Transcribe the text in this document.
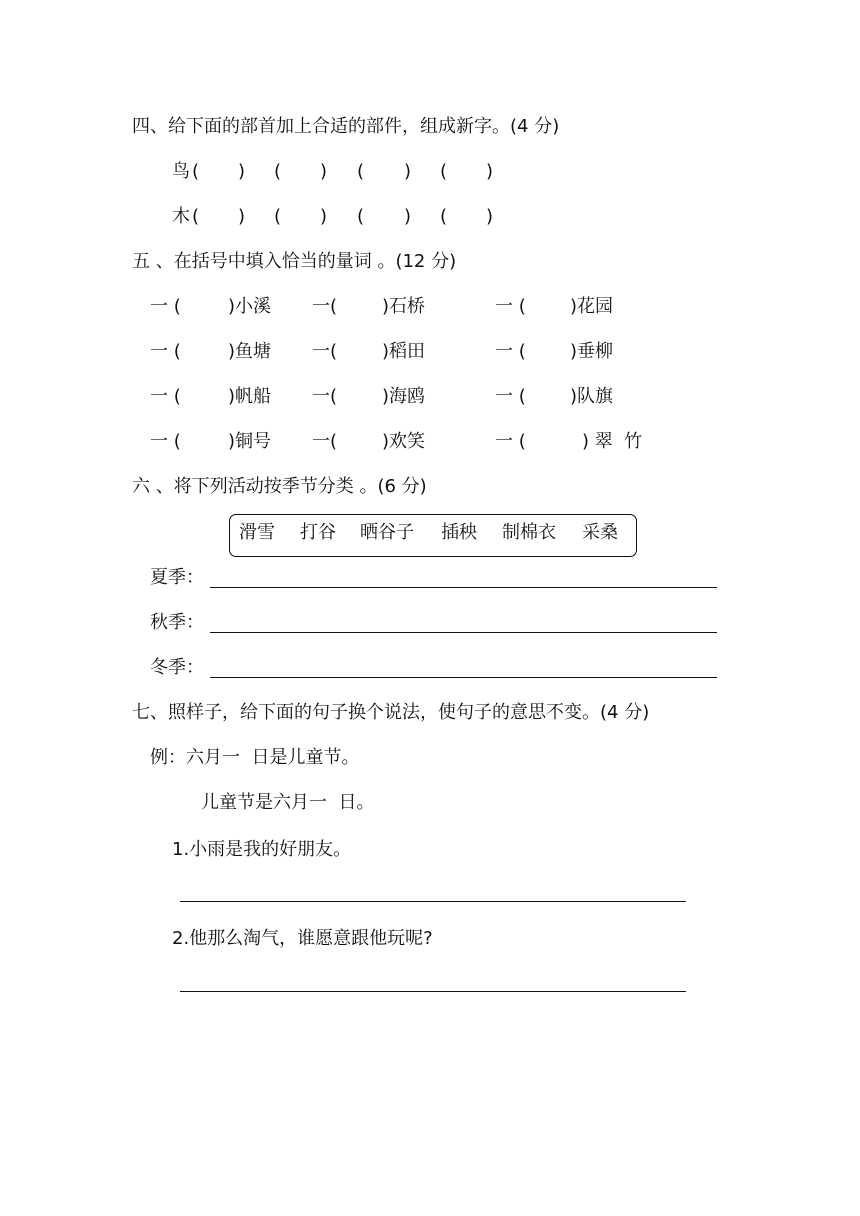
四、给下面的部首加上合适的部件，组成新字。(4 分)
鸟 ( ) ( ) ( ) ( )
木 ( ) ( ) ( ) ( )
五 、在括号中填入恰当的量词 。(12 分)
一 (	)小溪 一( )石桥	一 ( )花园
一 (	)鱼塘 一( )稻田	一 ( )垂柳
一 (	)帆船 一( )海鸥	一 ( )队旗
一 (	)铜号 一( )欢笑	一 (	) 翠  竹
六 、将下列活动按季节分类 。(6 分)
滑雪 打谷 晒谷子 插秧 制棉衣 采桑
夏季：
秋季：
冬季：
七、照样子，给下面的句子换个说法，使句子的意思不变。(4 分)
例：六月一  日是儿童节。
儿童节是六月一  日。
1.小雨是我的好朋友。
2.他那么淘气，谁愿意跟他玩呢?
